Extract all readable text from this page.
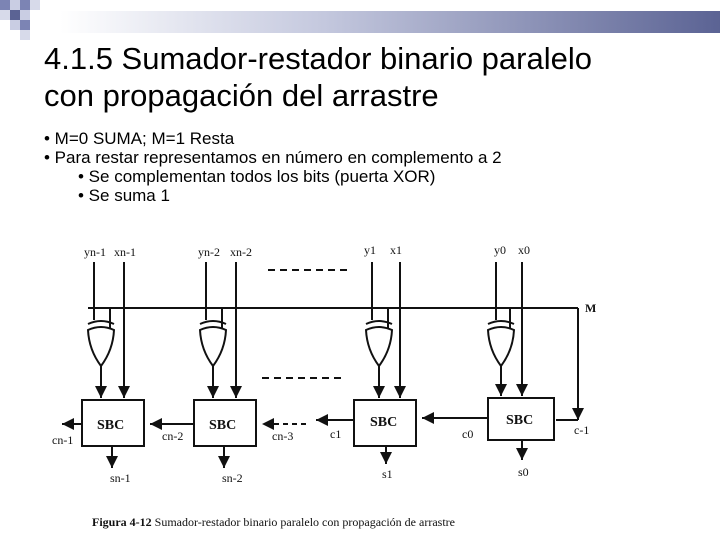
4.1.5 Sumador-restador binario paralelo
con propagación del arrastre
• M=0 SUMA; M=1 Resta
• Para restar representamos en número en complemento a 2
• Se complementan todos los bits (puerta XOR)
• Se suma 1
yn-1 xn-1	yn-2 xn-2	y1 x1	y0 x0
M
SBC	SBC	SBC	SBC
cn-1	cn-2	cn-3	c1	c0	c-1
sn-1	sn-2	s1	s0
Figura 4-12 Sumador-restador binario paralelo con propagación de arrastre
